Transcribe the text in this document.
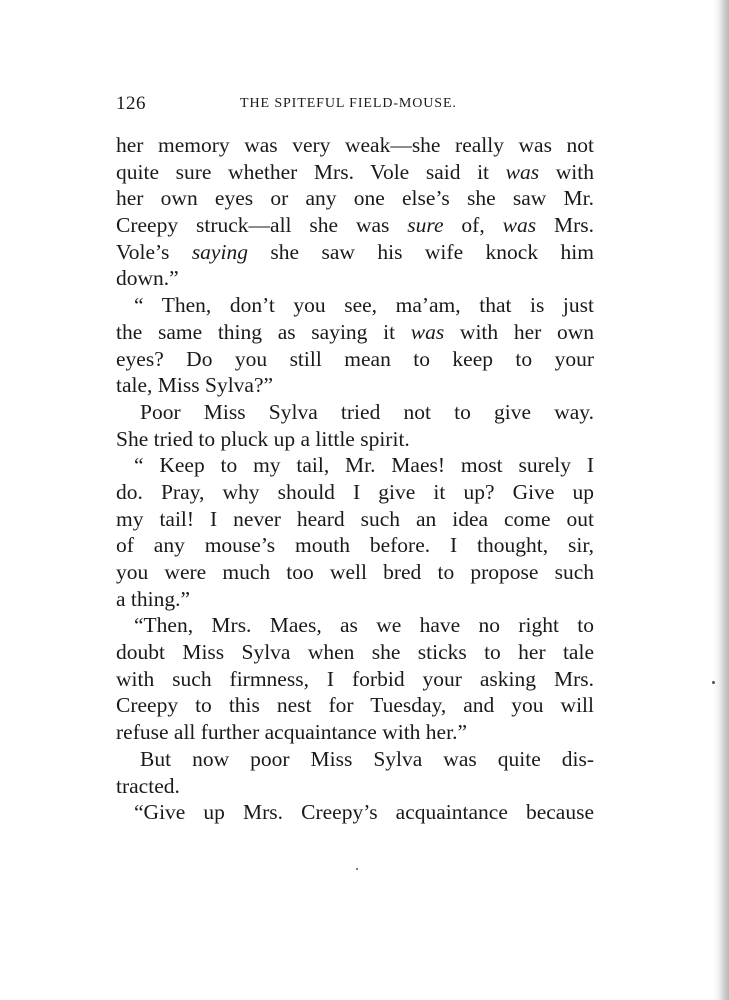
126	THE SPITEFUL FIELD-MOUSE.
her memory was very weak—she really was not
quite sure whether Mrs. Vole said it was with
her own eyes or any one else’s she saw Mr.
Creepy struck—all she was sure of, was Mrs.
Vole’s saying she saw his wife knock him
down.”
“ Then, don’t you see, ma’am, that is just
the same thing as saying it was with her own
eyes? Do you still mean to keep to your
tale, Miss Sylva?”
Poor Miss Sylva tried not to give way.
She tried to pluck up a little spirit.
“ Keep to my tail, Mr. Maes! most surely I
do. Pray, why should I give it up? Give up
my tail! I never heard such an idea come out
of any mouse’s mouth before. I thought, sir,
you were much too well bred to propose such
a thing.”
“Then, Mrs. Maes, as we have no right to
doubt Miss Sylva when she sticks to her tale
with such firmness, I forbid your asking Mrs.
Creepy to this nest for Tuesday, and you will
refuse all further acquaintance with her.”
But now poor Miss Sylva was quite dis-
tracted.
“Give up Mrs. Creepy’s acquaintance because
